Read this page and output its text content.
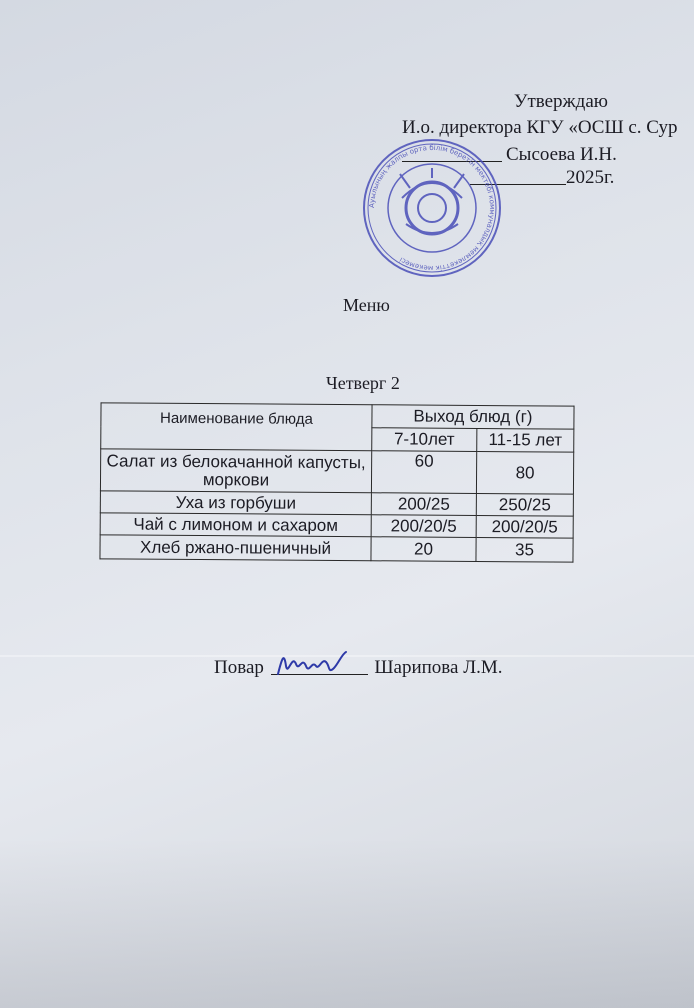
Утверждаю
И.о. директора КГУ «ОСШ с. Сур
Сысоева И.Н.
2025г.
Ауылының жалпы орта білім беретін мектебі коммуналдық мемлекеттік мекемесі
Меню
Четверг 2
Наименование блюда	Выход блюд (г)	
	7-10лет	11-15 лет
Салат из белокачанной капусты, моркови	60	80
Уха из горбуши	200/25	250/25
Чай с лимоном и сахаром	200/20/5	200/20/5
Хлеб ржано-пшеничный	20	35
Повар	Шарипова Л.М.
